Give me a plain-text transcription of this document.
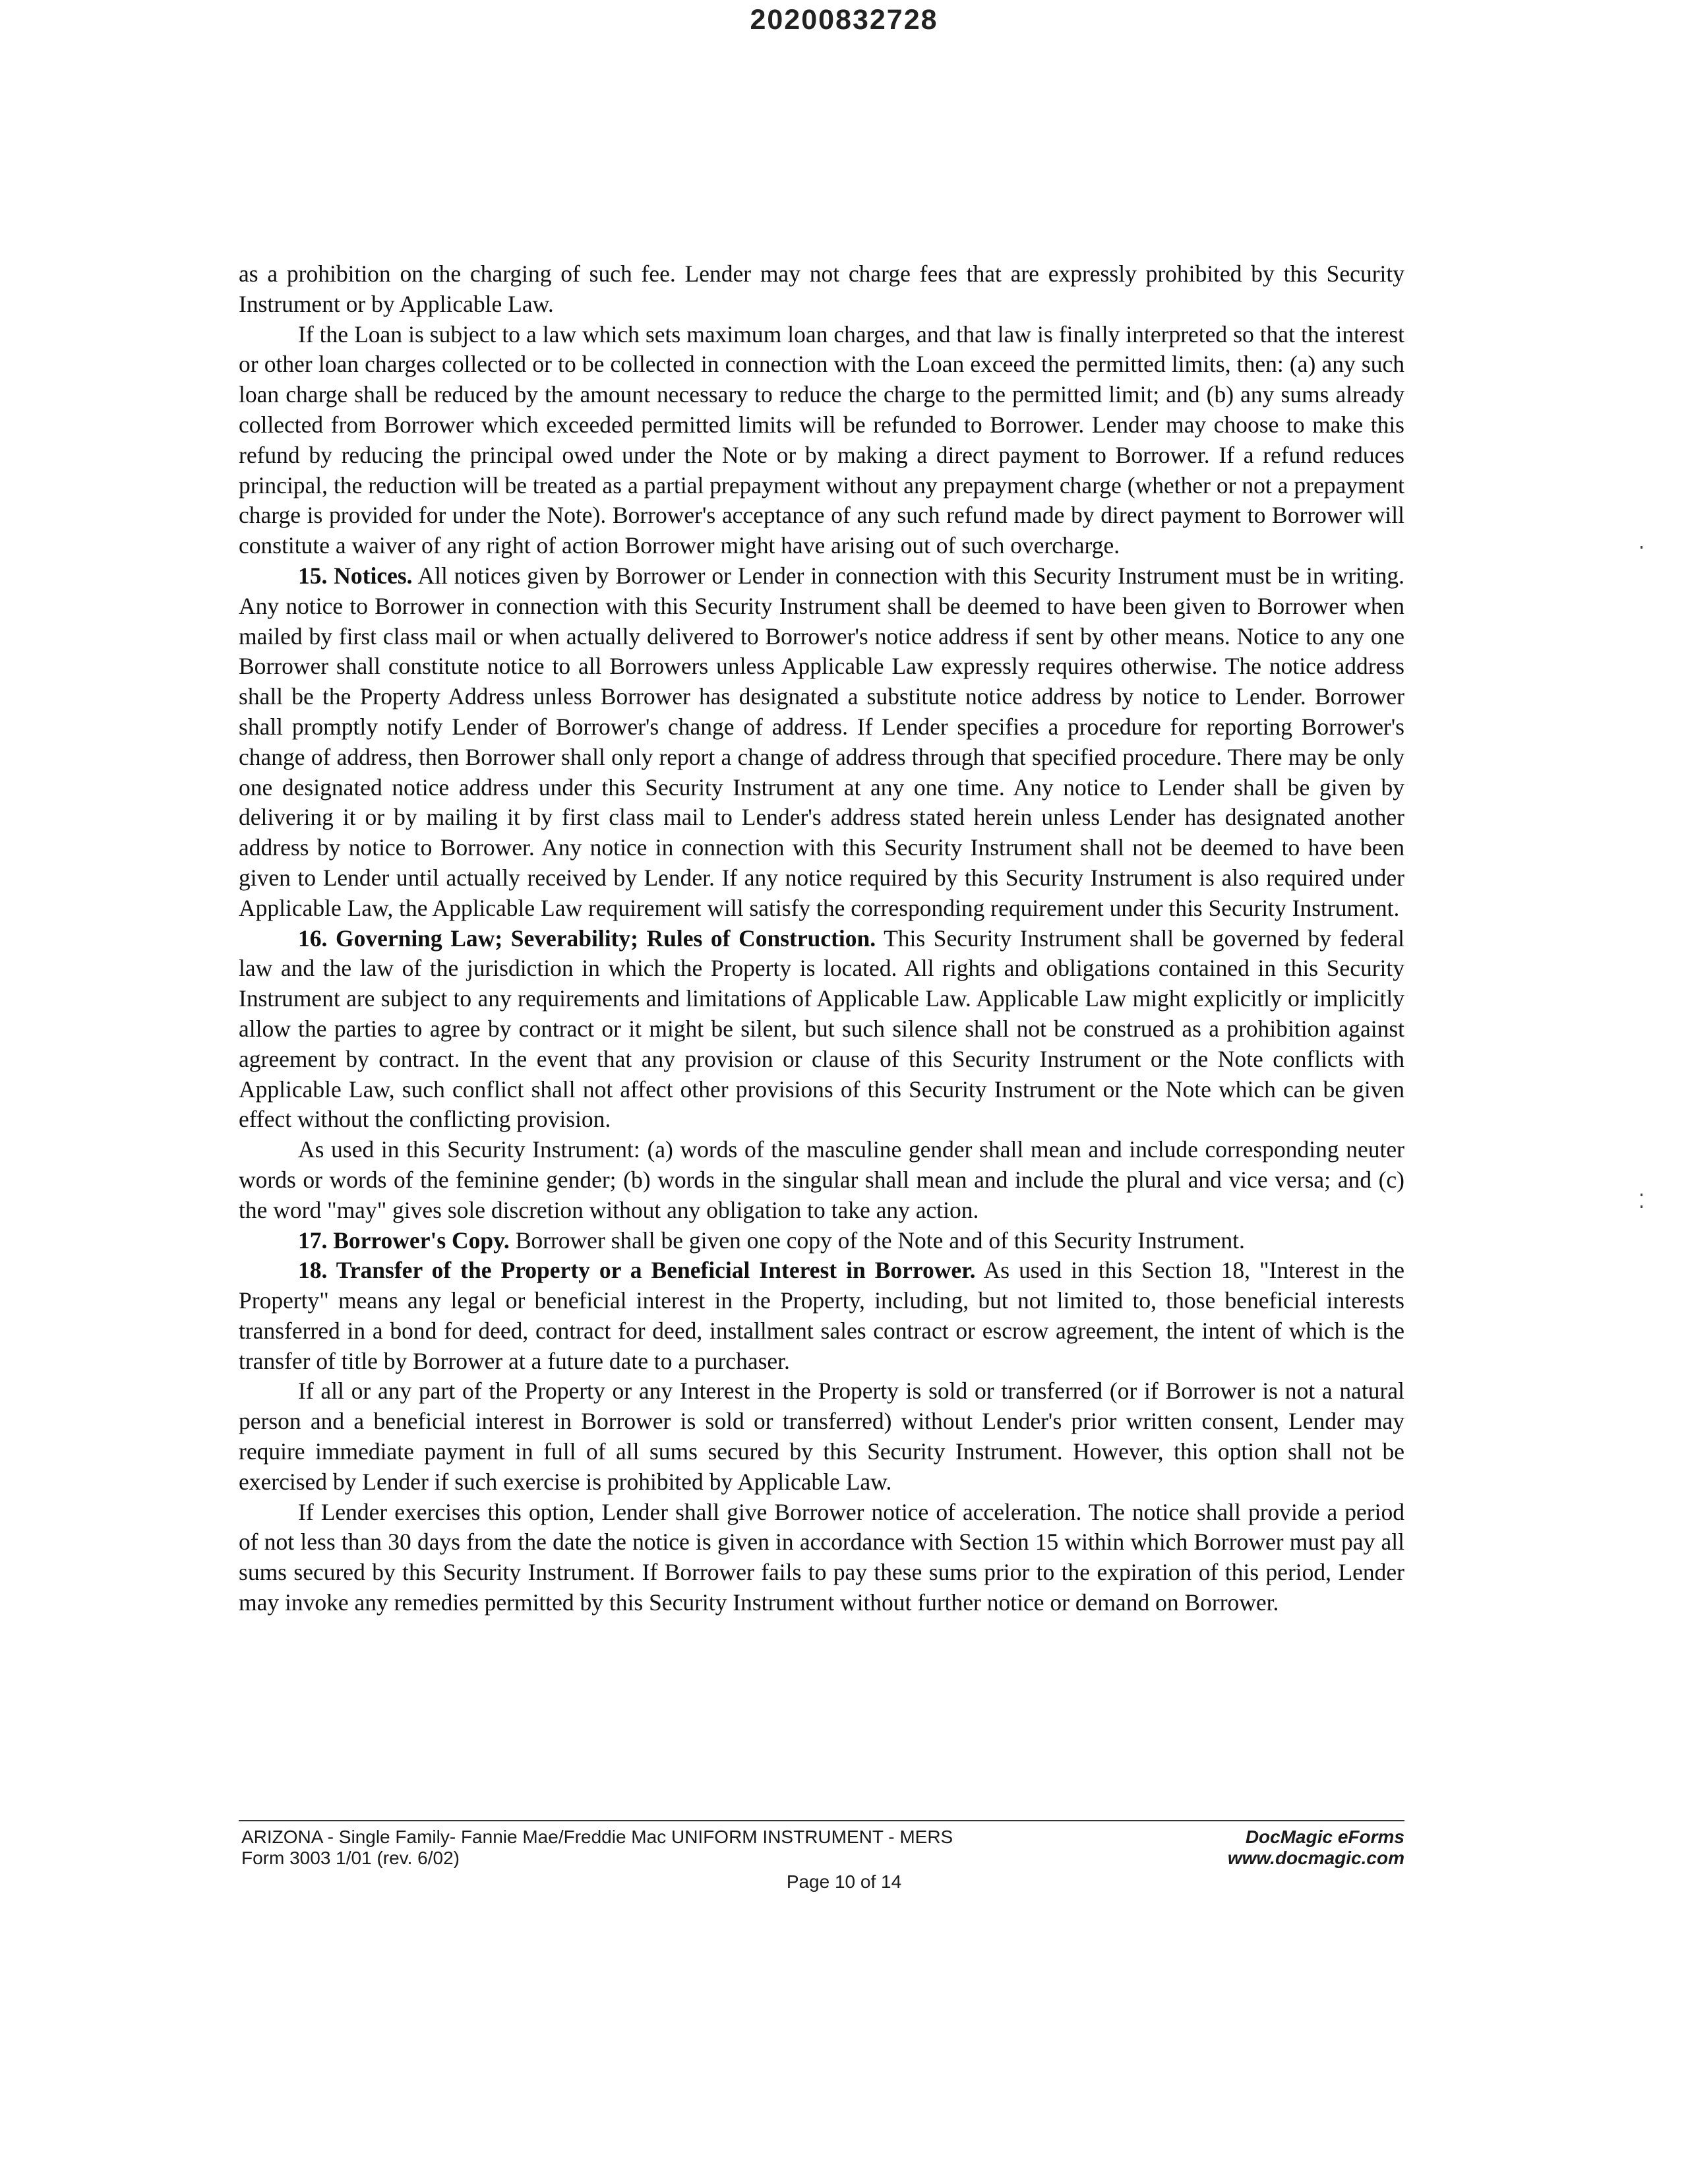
20200832728

as a prohibition on the charging of such fee. Lender may not charge fees that are expressly prohibited by this Security Instrument or by Applicable Law.

If the Loan is subject to a law which sets maximum loan charges, and that law is finally interpreted so that the interest or other loan charges collected or to be collected in connection with the Loan exceed the permitted limits, then: (a) any such loan charge shall be reduced by the amount necessary to reduce the charge to the permitted limit; and (b) any sums already collected from Borrower which exceeded permitted limits will be refunded to Borrower. Lender may choose to make this refund by reducing the principal owed under the Note or by making a direct payment to Borrower. If a refund reduces principal, the reduction will be treated as a partial prepayment without any prepayment charge (whether or not a prepayment charge is provided for under the Note). Borrower's acceptance of any such refund made by direct payment to Borrower will constitute a waiver of any right of action Borrower might have arising out of such overcharge.

15. Notices. All notices given by Borrower or Lender in connection with this Security Instrument must be in writing. Any notice to Borrower in connection with this Security Instrument shall be deemed to have been given to Borrower when mailed by first class mail or when actually delivered to Borrower's notice address if sent by other means. Notice to any one Borrower shall constitute notice to all Borrowers unless Applicable Law expressly requires otherwise. The notice address shall be the Property Address unless Borrower has designated a substitute notice address by notice to Lender. Borrower shall promptly notify Lender of Borrower's change of address. If Lender specifies a procedure for reporting Borrower's change of address, then Borrower shall only report a change of address through that specified procedure. There may be only one designated notice address under this Security Instrument at any one time. Any notice to Lender shall be given by delivering it or by mailing it by first class mail to Lender's address stated herein unless Lender has designated another address by notice to Borrower. Any notice in connection with this Security Instrument shall not be deemed to have been given to Lender until actually received by Lender. If any notice required by this Security Instrument is also required under Applicable Law, the Applicable Law requirement will satisfy the corresponding requirement under this Security Instrument.

16. Governing Law; Severability; Rules of Construction. This Security Instrument shall be governed by federal law and the law of the jurisdiction in which the Property is located. All rights and obligations contained in this Security Instrument are subject to any requirements and limitations of Applicable Law. Applicable Law might explicitly or implicitly allow the parties to agree by contract or it might be silent, but such silence shall not be construed as a prohibition against agreement by contract. In the event that any provision or clause of this Security Instrument or the Note conflicts with Applicable Law, such conflict shall not affect other provisions of this Security Instrument or the Note which can be given effect without the conflicting provision.

As used in this Security Instrument: (a) words of the masculine gender shall mean and include corresponding neuter words or words of the feminine gender; (b) words in the singular shall mean and include the plural and vice versa; and (c) the word "may" gives sole discretion without any obligation to take any action.

17. Borrower's Copy. Borrower shall be given one copy of the Note and of this Security Instrument.

18. Transfer of the Property or a Beneficial Interest in Borrower. As used in this Section 18, "Interest in the Property" means any legal or beneficial interest in the Property, including, but not limited to, those beneficial interests transferred in a bond for deed, contract for deed, installment sales contract or escrow agreement, the intent of which is the transfer of title by Borrower at a future date to a purchaser.

If all or any part of the Property or any Interest in the Property is sold or transferred (or if Borrower is not a natural person and a beneficial interest in Borrower is sold or transferred) without Lender's prior written consent, Lender may require immediate payment in full of all sums secured by this Security Instrument. However, this option shall not be exercised by Lender if such exercise is prohibited by Applicable Law.

If Lender exercises this option, Lender shall give Borrower notice of acceleration. The notice shall provide a period of not less than 30 days from the date the notice is given in accordance with Section 15 within which Borrower must pay all sums secured by this Security Instrument. If Borrower fails to pay these sums prior to the expiration of this period, Lender may invoke any remedies permitted by this Security Instrument without further notice or demand on Borrower.

ARIZONA - Single Family- Fannie Mae/Freddie Mac UNIFORM INSTRUMENT - MERS
Form 3003 1/01 (rev. 6/02)
DocMagic eForms
www.docmagic.com
Page 10 of 14
